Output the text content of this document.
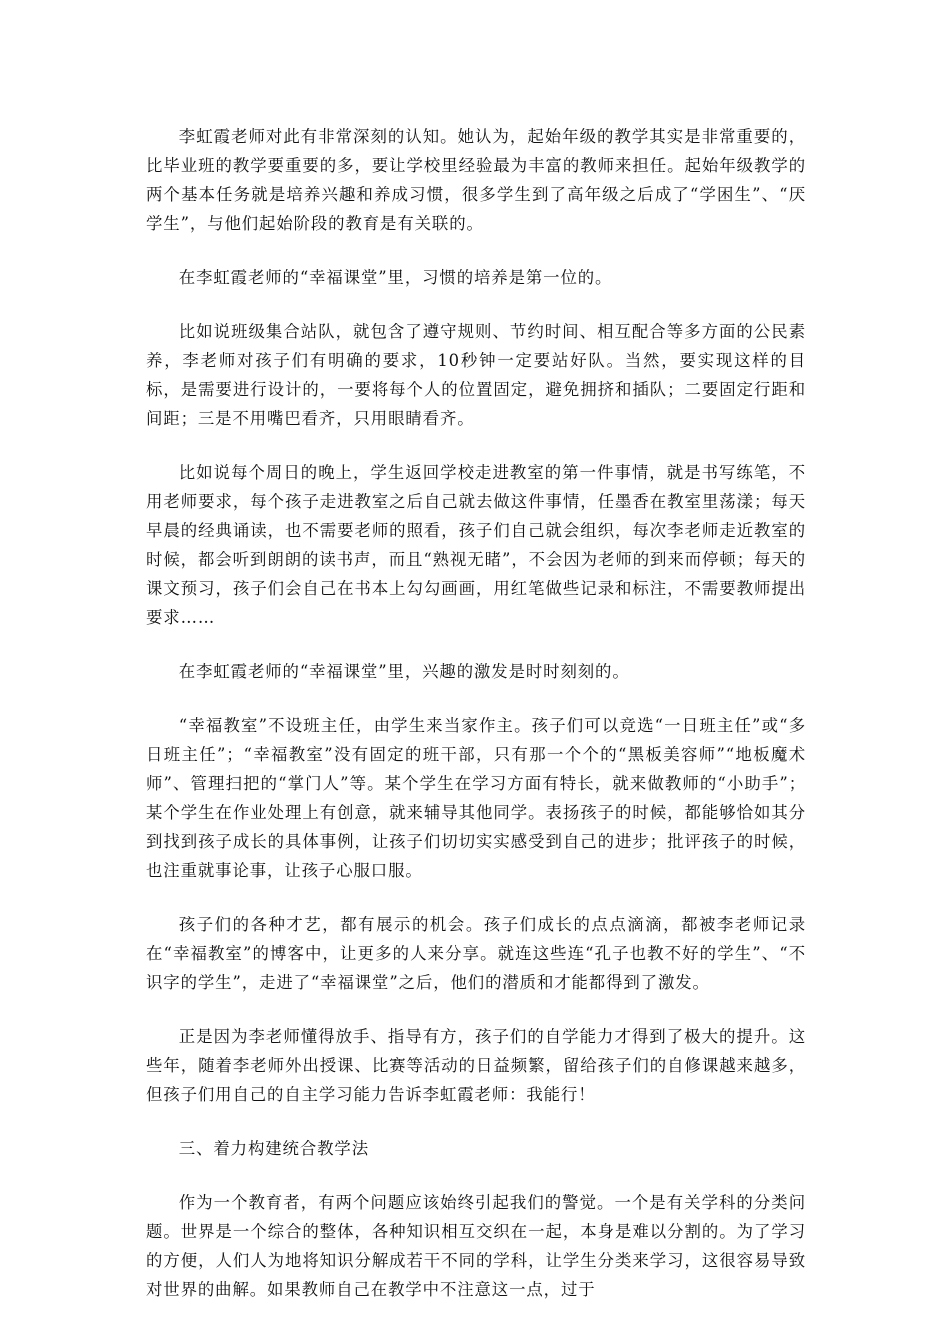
李虹霞老师对此有非常深刻的认知。她认为，起始年级的教学其实是非常重要的，比毕业班的教学要重要的多，要让学校里经验最为丰富的教师来担任。起始年级教学的两个基本任务就是培养兴趣和养成习惯，很多学生到了高年级之后成了“学困生”、“厌学生”，与他们起始阶段的教育是有关联的。

在李虹霞老师的“幸福课堂”里，习惯的培养是第一位的。

比如说班级集合站队，就包含了遵守规则、节约时间、相互配合等多方面的公民素养，李老师对孩子们有明确的要求，10秒钟一定要站好队。当然，要实现这样的目标，是需要进行设计的，一要将每个人的位置固定，避免拥挤和插队；二要固定行距和间距；三是不用嘴巴看齐，只用眼睛看齐。

比如说每个周日的晚上，学生返回学校走进教室的第一件事情，就是书写练笔，不用老师要求，每个孩子走进教室之后自己就去做这件事情，任墨香在教室里荡漾；每天早晨的经典诵读，也不需要老师的照看，孩子们自己就会组织，每次李老师走近教室的时候，都会听到朗朗的读书声，而且“熟视无睹”，不会因为老师的到来而停顿；每天的课文预习，孩子们会自己在书本上勾勾画画，用红笔做些记录和标注，不需要教师提出要求……

在李虹霞老师的“幸福课堂”里，兴趣的激发是时时刻刻的。

“幸福教室”不设班主任，由学生来当家作主。孩子们可以竞选“一日班主任”或“多日班主任”；“幸福教室”没有固定的班干部，只有那一个个的“黑板美容师”“地板魔术师”、管理扫把的“掌门人”等。某个学生在学习方面有特长，就来做教师的“小助手”；某个学生在作业处理上有创意，就来辅导其他同学。表扬孩子的时候，都能够恰如其分到找到孩子成长的具体事例，让孩子们切切实实感受到自己的进步；批评孩子的时候，也注重就事论事，让孩子心服口服。

孩子们的各种才艺，都有展示的机会。孩子们成长的点点滴滴，都被李老师记录在“幸福教室”的博客中，让更多的人来分享。就连这些连“孔子也教不好的学生”、“不识字的学生”，走进了“幸福课堂”之后，他们的潜质和才能都得到了激发。

正是因为李老师懂得放手、指导有方，孩子们的自学能力才得到了极大的提升。这些年，随着李老师外出授课、比赛等活动的日益频繁，留给孩子们的自修课越来越多，但孩子们用自己的自主学习能力告诉李虹霞老师：我能行！

三、着力构建统合教学法

作为一个教育者，有两个问题应该始终引起我们的警觉。一个是有关学科的分类问题。世界是一个综合的整体，各种知识相互交织在一起，本身是难以分割的。为了学习的方便，人们人为地将知识分解成若干不同的学科，让学生分类来学习，这很容易导致对世界的曲解。如果教师自己在教学中不注意这一点，过于
